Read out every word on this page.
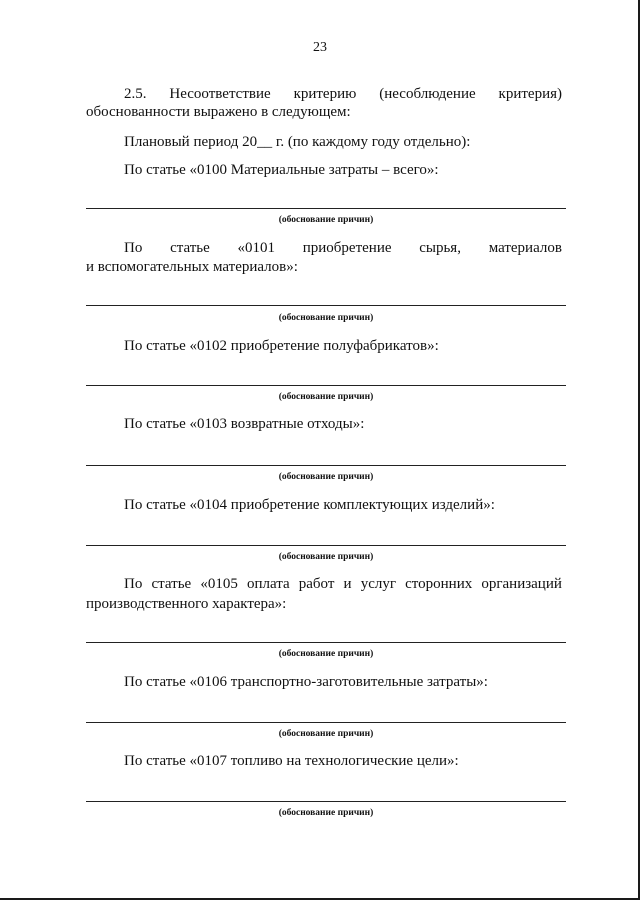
23
2.5. Несоответствие критерию (несоблюдение критерия)
обоснованности выражено в следующем:
Плановый период 20__ г. (по каждому году отдельно):
По статье «0100 Материальные затраты – всего»:
(обоснование причин)
По статье «0101 приобретение сырья, материалов
и вспомогательных материалов»:
(обоснование причин)
По статье «0102 приобретение полуфабрикатов»:
(обоснование причин)
По статье «0103 возвратные отходы»:
(обоснование причин)
По статье «0104 приобретение комплектующих изделий»:
(обоснование причин)
По статье «0105 оплата работ и услуг сторонних организаций
производственного характера»:
(обоснование причин)
По статье «0106 транспортно-заготовительные затраты»:
(обоснование причин)
По статье «0107 топливо на технологические цели»:
(обоснование причин)
